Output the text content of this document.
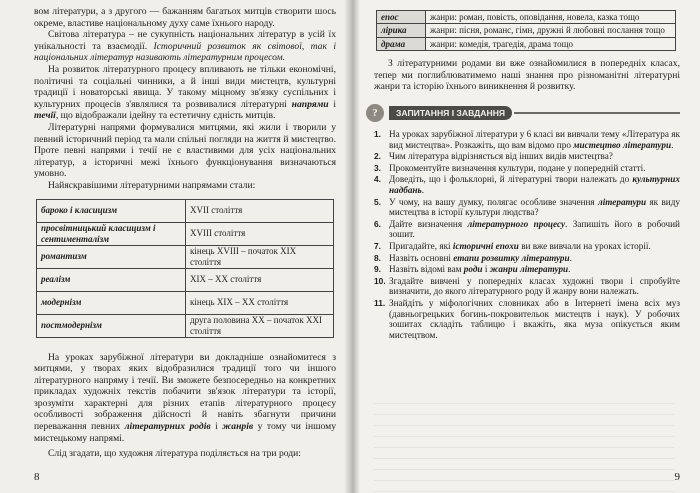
вом літератури, а з другого — бажанням багатьох митців створити шось окреме, властиве національному духу саме їхнього народу.

Світова література – не сукупність національних літератур в усій їх унікальності та взаємодії. Історичний розвиток як світової, так і національних літератур називають літературним процесом.

На розвиток літературного процесу впливають не тільки економічні, політичні та соціальні чинники, а й інші види мистецтв, культурні традиції і новаторські явища. У такому міцному зв'язку суспільних і культурних процесів з'являлися та розвивалися літературні напрями і течії, що відображали ідейну та естетичну єдність митців.

Літературні напрями формувалися митцями, які жили і творили у певний історичний період та мали спільні погляди на життя й мистецтво. Проте певні напрями і течії не є властивими для усіх національних літератур, а історичні межі їхнього функціонування визначаються умовно.

Найяскравішими літературними напрямами стали:

бароко і класицизм	XVII століття
просвітницький класицизм і сентименталізм	XVIII століття
романтизм	кінець XVIII – початок XIX століття
реалізм	XIX – XX століття
модернізм	кінець XIX – XX століття
постмодернізм	друга половина XX – початок XXI століття

На уроках зарубіжної літератури ви докладніше ознайомитеся з митцями, у творах яких відобразилися традиції того чи іншого літературного напряму і течії. Ви зможете безпосередньо на конкретних прикладах художніх текстів побачити зв'язок літератури та історії, зрозуміти характерні для різних етапів літературного процесу особливості зображення дійсності й навіть збагнути причини переважання певних літературних родів і жанрів у тому чи іншому мистецькому напрямі.

Слід згадати, що художня література поділяється на три роди:

8
епос	жанри: роман, повість, оповідання, новела, казка тощо
лірика	жанри: пісня, романс, гімн, дружні й любовні послання тощо
драма	жанри: комедія, трагедія, драма тощо

З літературними родами ви вже ознайомилися в попередніх класах, тепер ми поглиблюватимемо наші знання про різноманітні літературні жанри та історію їхнього виникнення й розвитку.

?	ЗАПИТАННЯ І ЗАВДАННЯ
1. На уроках зарубіжної літератури у 6 класі ви вивчали тему «Література як вид мистецтва». Розкажіть, що вам відомо про мистецтво літератури.
2. Чим література відрізняється від інших видів мистецтва?
3. Прокоментуйте визначення культури, подане у попередній статті.
4. Доведіть, що і фольклорні, й літературні твори належать до культурних надбань.
5. У чому, на вашу думку, полягає особливе значення літератури як виду мистецтва в історії культури людства?
6. Дайте визначення літературного процесу. Запишіть його в робочий зошит.
7. Пригадайте, які історичні епохи ви вже вивчали на уроках історії.
8. Назвіть основні етапи розвитку літератури.
9. Назвіть відомі вам роди і жанри літератури.
10. Згадайте вивчені у попередніх класах художні твори і спробуйте визначити, до якого літературного роду й жанру вони належать.
11. Знайдіть у міфологічних словниках або в Інтернеті імена всіх муз (давньогрецьких богинь-покровительок мистецтв і наук). У робочих зошитах складіть таблицю і вкажіть, яка муза опікується яким мистецтвом.
9
